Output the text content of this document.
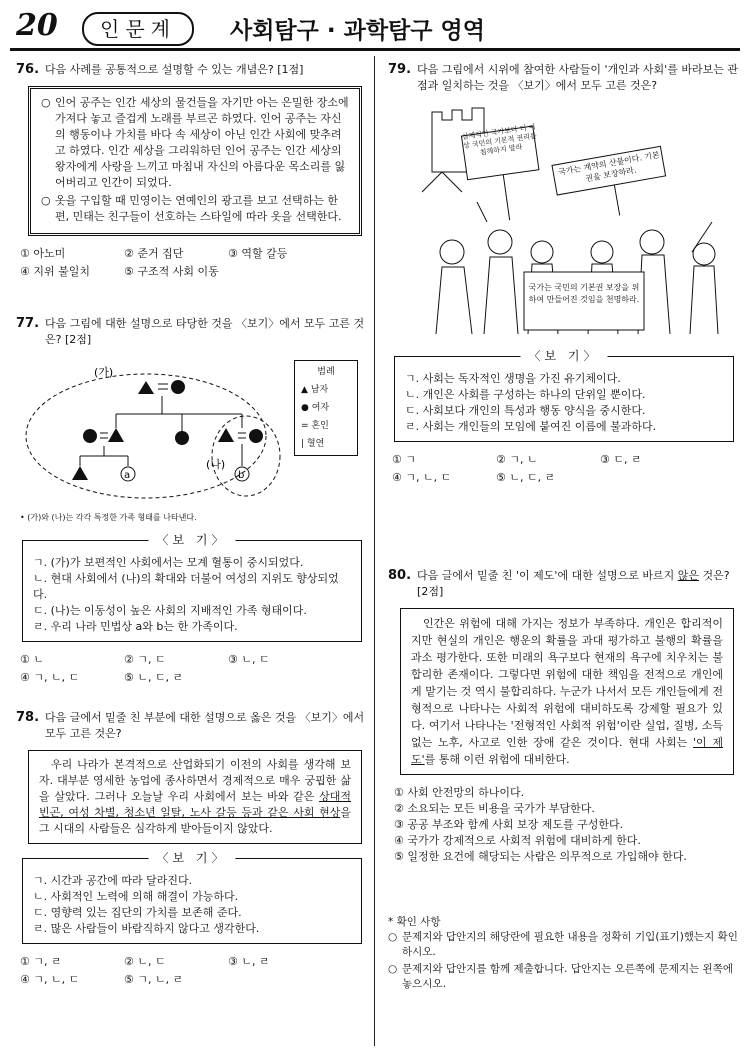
20	인문계	사회탐구 · 과학탐구 영역
76. 다음 사례를 공통적으로 설명할 수 있는 개념은? [1점]
○ 인어 공주는 인간 세상의 물건들을 자기만 아는 은밀한 장소에 가져다 놓고 즐겁게 노래를 부르곤 하였다. 인어 공주는 자신의 행동이나 가치를 바다 속 세상이 아닌 인간 사회에 맞추려고 하였다. 인간 세상을 그리워하던 인어 공주는 인간 세상의 왕자에게 사랑을 느끼고 마침내 자신의 아름다운 목소리를 잃어버리고 인간이 되었다.
○ 옷을 구입할 때 민영이는 연예인의 광고를 보고 선택하는 한편, 민태는 친구들이 선호하는 스타일에 따라 옷을 선택한다.
① 아노미	② 준거 집단	③ 역할 갈등
④ 지위 불일치	⑤ 구조적 사회 이동
77. 다음 그림에 대한 설명으로 타당한 것을 〈보기〉에서 모두 고른 것은? [2점]
a	b
(가)
(나)
범례
▲ 남자
● 여자
= 혼인
| 혈연
• (가)와 (나)는 각각 특정한 가족 형태를 나타낸다.
〈보 기〉
ㄱ. (가)가 보편적인 사회에서는 모계 혈통이 중시되었다.
ㄴ. 현대 사회에서 (나)의 확대와 더불어 여성의 지위도 향상되었다.
ㄷ. (나)는 이동성이 높은 사회의 지배적인 가족 형태이다.
ㄹ. 우리 나라 민법상 a와 b는 한 가족이다.
① ㄴ	② ㄱ, ㄷ	③ ㄴ, ㄷ
④ ㄱ, ㄴ, ㄷ	⑤ ㄴ, ㄷ, ㄹ
78. 다음 글에서 밑줄 친 부분에 대한 설명으로 옳은 것을 〈보기〉에서 모두 고른 것은?
우리 나라가 본격적으로 산업화되기 이전의 사회를 생각해 보자. 대부분 영세한 농업에 종사하면서 경제적으로 매우 궁핍한 삶을 살았다. 그러나 오늘날 우리 사회에서 보는 바와 같은 상대적 빈곤, 여성 차별, 청소년 일탈, 노사 갈등 등과 같은 사회 현상을 그 시대의 사람들은 심각하게 받아들이지 않았다.
〈보 기〉
ㄱ. 시간과 공간에 따라 달라진다.
ㄴ. 사회적인 노력에 의해 해결이 가능하다.
ㄷ. 영향력 있는 집단의 가치를 보존해 준다.
ㄹ. 많은 사람들이 바람직하지 않다고 생각한다.
① ㄱ, ㄹ	② ㄴ, ㄷ	③ ㄴ, ㄹ
④ ㄱ, ㄴ, ㄷ	⑤ ㄱ, ㄴ, ㄹ
79. 다음 그림에서 시위에 참여한 사람들이 '개인과 사회'를 바라보는 관점과 일치하는 것을 〈보기〉에서 모두 고른 것은?
실제적인 국가보다 더 이상 국민의 기본적 권리를 침해하지 말라
국가는 계약의 산물이다. 기본권을 보장하라.
국가는 국민의 기본권 보장을 위하여 만들어진 것임을 천명하라.
〈보 기〉
ㄱ. 사회는 독자적인 생명을 가진 유기체이다.
ㄴ. 개인은 사회를 구성하는 하나의 단위일 뿐이다.
ㄷ. 사회보다 개인의 특성과 행동 양식을 중시한다.
ㄹ. 사회는 개인들의 모임에 붙여진 이름에 불과하다.
① ㄱ	② ㄱ, ㄴ	③ ㄷ, ㄹ
④ ㄱ, ㄴ, ㄷ	⑤ ㄴ, ㄷ, ㄹ
80. 다음 글에서 밑줄 친 '이 제도'에 대한 설명으로 바르지 않은 것은? [2점]
인간은 위험에 대해 가지는 정보가 부족하다. 개인은 합리적이지만 현실의 개인은 행운의 확률을 과대 평가하고 불행의 확률을 과소 평가한다. 또한 미래의 욕구보다 현재의 욕구에 치우치는 불합리한 존재이다. 그렇다면 위험에 대한 책임을 전적으로 개인에게 맡기는 것 역시 불합리하다. 누군가 나서서 모든 개인들에게 전형적으로 나타나는 사회적 위험에 대비하도록 강제할 필요가 있다. 여기서 나타나는 '전형적인 사회적 위험'이란 실업, 질병, 소득 없는 노후, 사고로 인한 장애 같은 것이다. 현대 사회는 '이 제도'를 통해 이런 위험에 대비한다.
① 사회 안전망의 하나이다.
② 소요되는 모든 비용을 국가가 부담한다.
③ 공공 부조와 함께 사회 보장 제도를 구성한다.
④ 국가가 강제적으로 사회적 위험에 대비하게 한다.
⑤ 일정한 요건에 해당되는 사람은 의무적으로 가입해야 한다.
* 확인 사항
○ 문제지와 답안지의 해당란에 필요한 내용을 정확히 기입(표기)했는지 확인하시오.
○ 문제지와 답안지를 함께 제출합니다. 답안지는 오른쪽에 문제지는 왼쪽에 놓으시오.
